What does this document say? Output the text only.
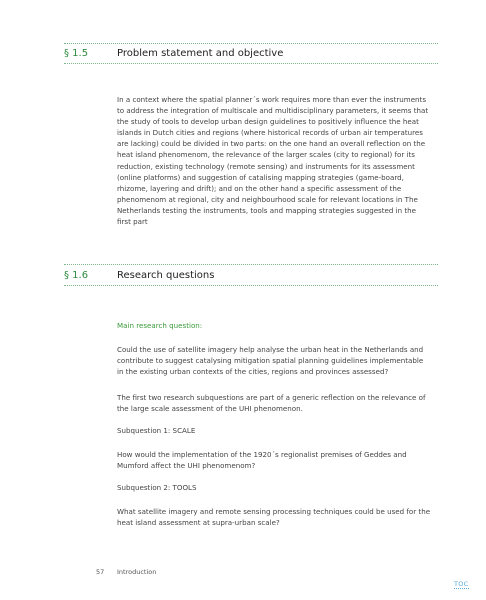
§ 1.5	Problem statement and objective

In a context where the spatial planner´s work requires more than ever the instruments

to address the integration of multiscale and multidisciplinary parameters, it seems that

the study of tools to develop urban design guidelines to positively influence the heat

islands in Dutch cities and regions (where historical records of urban air temperatures

are lacking) could be divided in two parts: on the one hand an overall reflection on the

heat island phenomenom, the relevance of the larger scales (city to regional) for its

reduction, existing technology (remote sensing) and instruments for its assessment

(online platforms) and suggestion of catalising mapping strategies (game-board,

rhizome, layering and drift); and on the other hand a specific assessment of the

phenomenom at regional, city and neighbourhood scale for relevant locations in The

Netherlands testing the instruments, tools and mapping strategies suggested in the

first part

§ 1.6	Research questions
Main research question:

Could the use of satellite imagery help analyse the urban heat in the Netherlands and

contribute to suggest catalysing mitigation spatial planning guidelines implementable

in the existing urban contexts of the cities, regions and provinces assessed?

The first two research subquestions are part of a generic reflection on the relevance of

the large scale assessment of the UHI phenomenon.

Subquestion 1: SCALE

How would the implementation of the 1920´s regionalist premises of Geddes and

Mumford affect the UHI phenomenom?

Subquestion 2: TOOLS

What satellite imagery and remote sensing processing techniques could be used for the

heat island assessment at supra-urban scale?

57 Introduction
TOC
